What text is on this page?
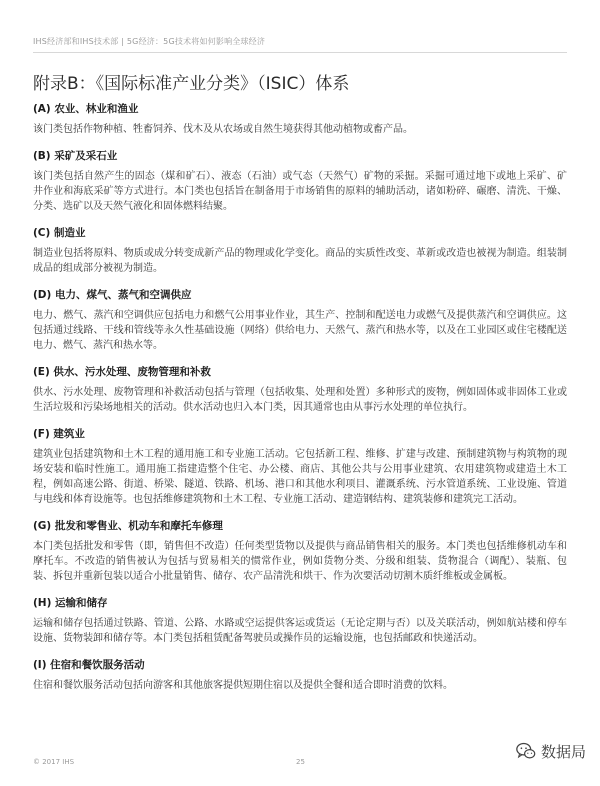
IHS经济部和IHS技术部 | 5G经济：5G技术将如何影响全球经济
附录B：《国际标准产业分类》（ISIC）体系

(A) 农业、林业和渔业

该门类包括作物种植、牲畜饲养、伐木及从农场或自然生境获得其他动植物或畜产品。

(B) 采矿及采石业

该门类包括自然产生的固态（煤和矿石）、液态（石油）或气态（天然气）矿物的采掘。采掘可通过地下或地上采矿、矿井作业和海底采矿等方式进行。本门类也包括旨在制备用于市场销售的原料的辅助活动，诸如粉碎、碾磨、清洗、干燥、分类、选矿以及天然气液化和固体燃料结聚。

(C) 制造业

制造业包括将原料、物质或成分转变成新产品的物理或化学变化。商品的实质性改变、革新或改造也被视为制造。组装制成品的组成部分被视为制造。

(D) 电力、煤气、蒸气和空调供应

电力、燃气、蒸汽和空调供应包括电力和燃气公用事业作业，其生产、控制和配送电力或燃气及提供蒸汽和空调供应。这包括通过线路、干线和管线等永久性基础设施（网络）供给电力、天然气、蒸汽和热水等，以及在工业园区或住宅楼配送电力、燃气、蒸汽和热水等。

(E) 供水、污水处理、废物管理和补救

供水、污水处理、废物管理和补救活动包括与管理（包括收集、处理和处置）多种形式的废物，例如固体或非固体工业或生活垃圾和污染场地相关的活动。供水活动也归入本门类，因其通常也由从事污水处理的单位执行。

(F) 建筑业

建筑业包括建筑物和土木工程的通用施工和专业施工活动。它包括新工程、维修、扩建与改建、预制建筑物与构筑物的现场安装和临时性施工。通用施工指建造整个住宅、办公楼、商店、其他公共与公用事业建筑、农用建筑物或建造土木工程，例如高速公路、街道、桥梁、隧道、铁路、机场、港口和其他水利项目、灌溉系统、污水管道系统、工业设施、管道与电线和体育设施等。也包括维修建筑物和土木工程、专业施工活动、建造钢结构、建筑装修和建筑完工活动。

(G) 批发和零售业、机动车和摩托车修理

本门类包括批发和零售（即，销售但不改造）任何类型货物以及提供与商品销售相关的服务。本门类也包括维修机动车和摩托车。不改造的销售被认为包括与贸易相关的惯常作业，例如货物分类、分级和组装、货物混合（调配）、装瓶、包装、拆包并重新包装以适合小批量销售、储存、农产品清洗和烘干、作为次要活动切割木质纤维板或金属板。

(H) 运输和储存

运输和储存包括通过铁路、管道、公路、水路或空运提供客运或货运（无论定期与否）以及关联活动，例如航站楼和停车设施、货物装卸和储存等。本门类包括租赁配备驾驶员或操作员的运输设施，也包括邮政和快递活动。

(I) 住宿和餐饮服务活动

住宿和餐饮服务活动包括向游客和其他旅客提供短期住宿以及提供全餐和适合即时消费的饮料。

© 2017 IHS	25
数据局
